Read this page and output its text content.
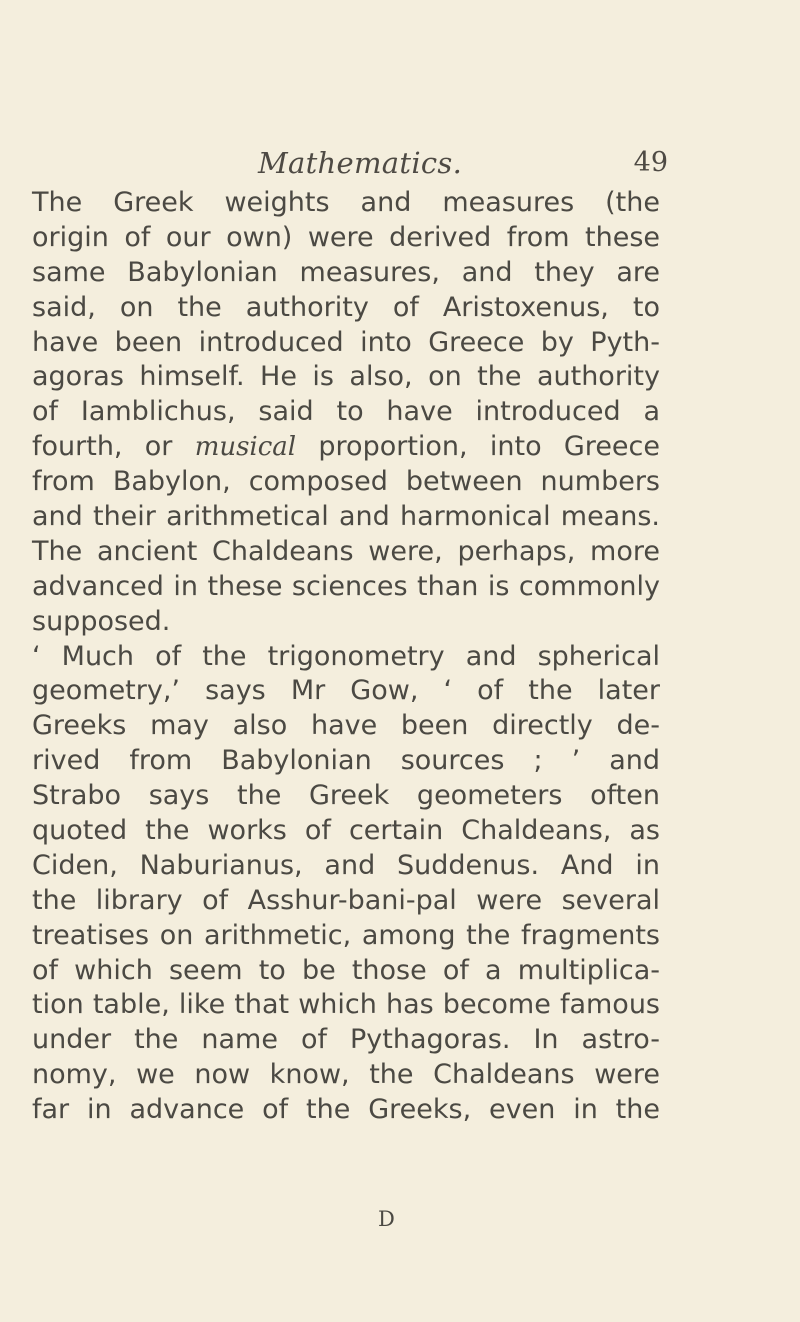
Mathematics.	49
The Greek weights and measures (the
origin of our own) were derived from these
same Babylonian measures, and they are
said, on the authority of Aristoxenus, to
have been introduced into Greece by Pyth-
agoras himself. He is also, on the authority
of Iamblichus, said to have introduced a
fourth, or musical proportion, into Greece
from Babylon, composed between numbers
and their arithmetical and harmonical means.
The ancient Chaldeans were, perhaps, more
advanced in these sciences than is commonly
supposed.
‘ Much of the trigonometry and spherical
geometry,’ says Mr Gow, ‘ of the later
Greeks may also have been directly de-
rived from Babylonian sources ; ’ and
Strabo says the Greek geometers often
quoted the works of certain Chaldeans, as
Ciden, Naburianus, and Suddenus. And in
the library of Asshur-bani-pal were several
treatises on arithmetic, among the fragments
of which seem to be those of a multiplica-
tion table, like that which has become famous
under the name of Pythagoras. In astro-
nomy, we now know, the Chaldeans were
far in advance of the Greeks, even in the
D
